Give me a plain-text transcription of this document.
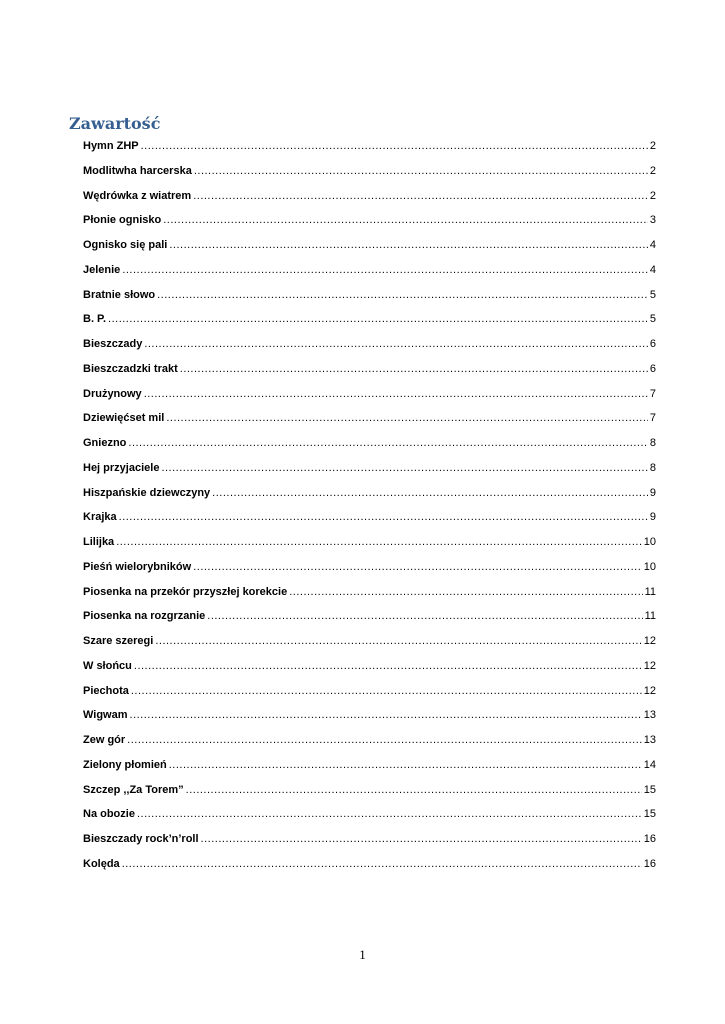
Zawartość
Hymn ZHP .....	2
Modlitwha harcerska .....	2
Wędrówka z wiatrem .....	2
Płonie ognisko .....	3
Ognisko się pali .....	4
Jelenie .....	4
Bratnie słowo .....	5
B. P. .....	5
Bieszczady .....	6
Bieszczadzki trakt .....	6
Drużynowy .....	7
Dziewięćset mil .....	7
Gniezno .....	8
Hej przyjaciele .....	8
Hiszpańskie dziewczyny .....	9
Krajka .....	9
Lilijka .....	10
Pieśń wielorybników .....	10
Piosenka na przekór przyszłej korekcie .....	11
Piosenka na rozgrzanie .....	11
Szare szeregi .....	12
W słońcu .....	12
Piechota .....	12
Wigwam .....	13
Zew gór .....	13
Zielony płomień .....	14
Szczep ,,Za Torem” .....	15
Na obozie .....	15
Bieszczady rock’n’roll .....	16
Kolęda .....	16
1
